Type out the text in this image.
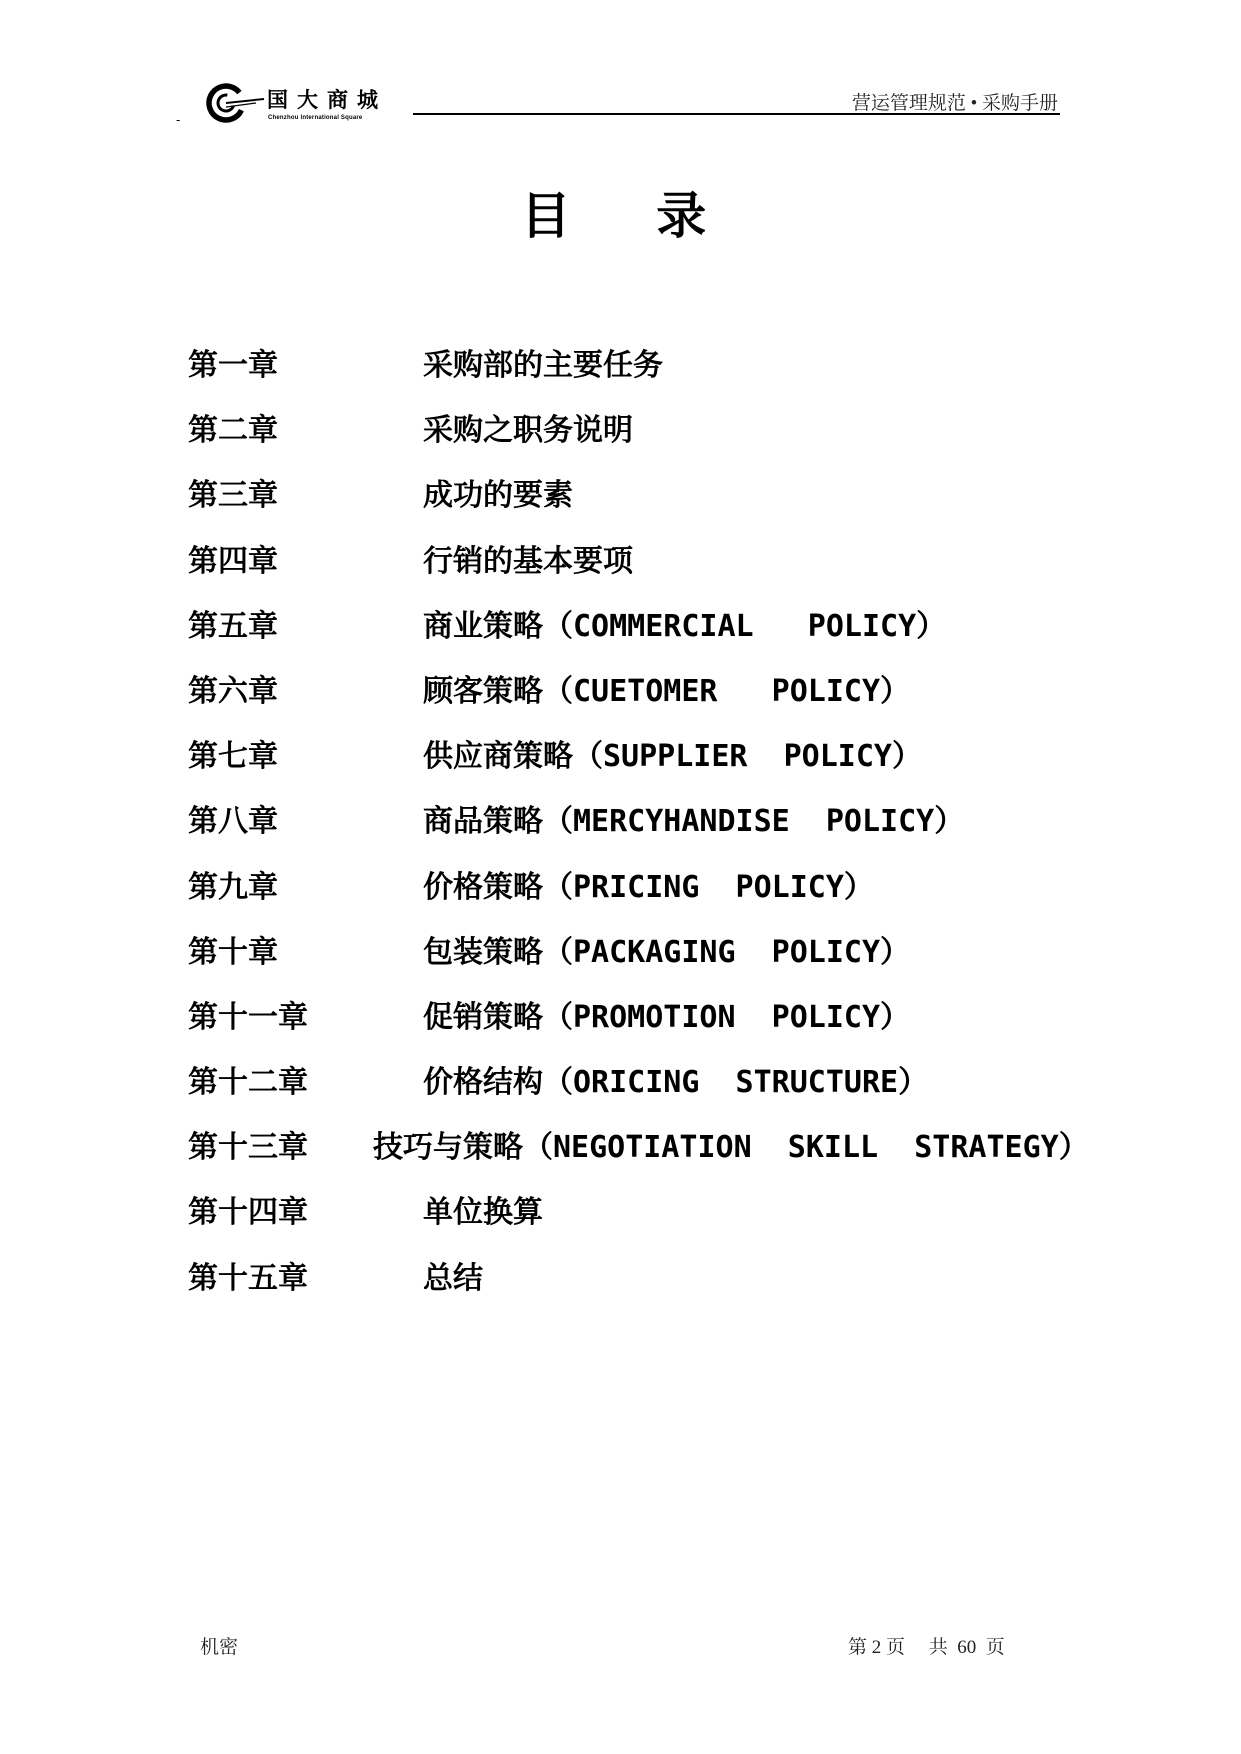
-
国大商城
Chenzhou International Square
营运管理规范 • 采购手册
目 录
第一章	采购部的主要任务
第二章	采购之职务说明
第三章	成功的要素
第四章	行销的基本要项
第五章	商业策略（COMMERCIAL   POLICY）
第六章	顾客策略（CUETOMER   POLICY）
第七章	供应商策略（SUPPLIER  POLICY）
第八章	商品策略（MERCYHANDISE  POLICY）
第九章	价格策略（PRICING  POLICY）
第十章	包装策略（PACKAGING  POLICY）
第十一章	促销策略（PROMOTION  POLICY）
第十二章	价格结构（ORICING  STRUCTURE）
第十三章 技巧与策略（NEGOTIATION  SKILL  STRATEGY）
第十四章	单位换算
第十五章	总结
机密	第 2 页     共  60  页
